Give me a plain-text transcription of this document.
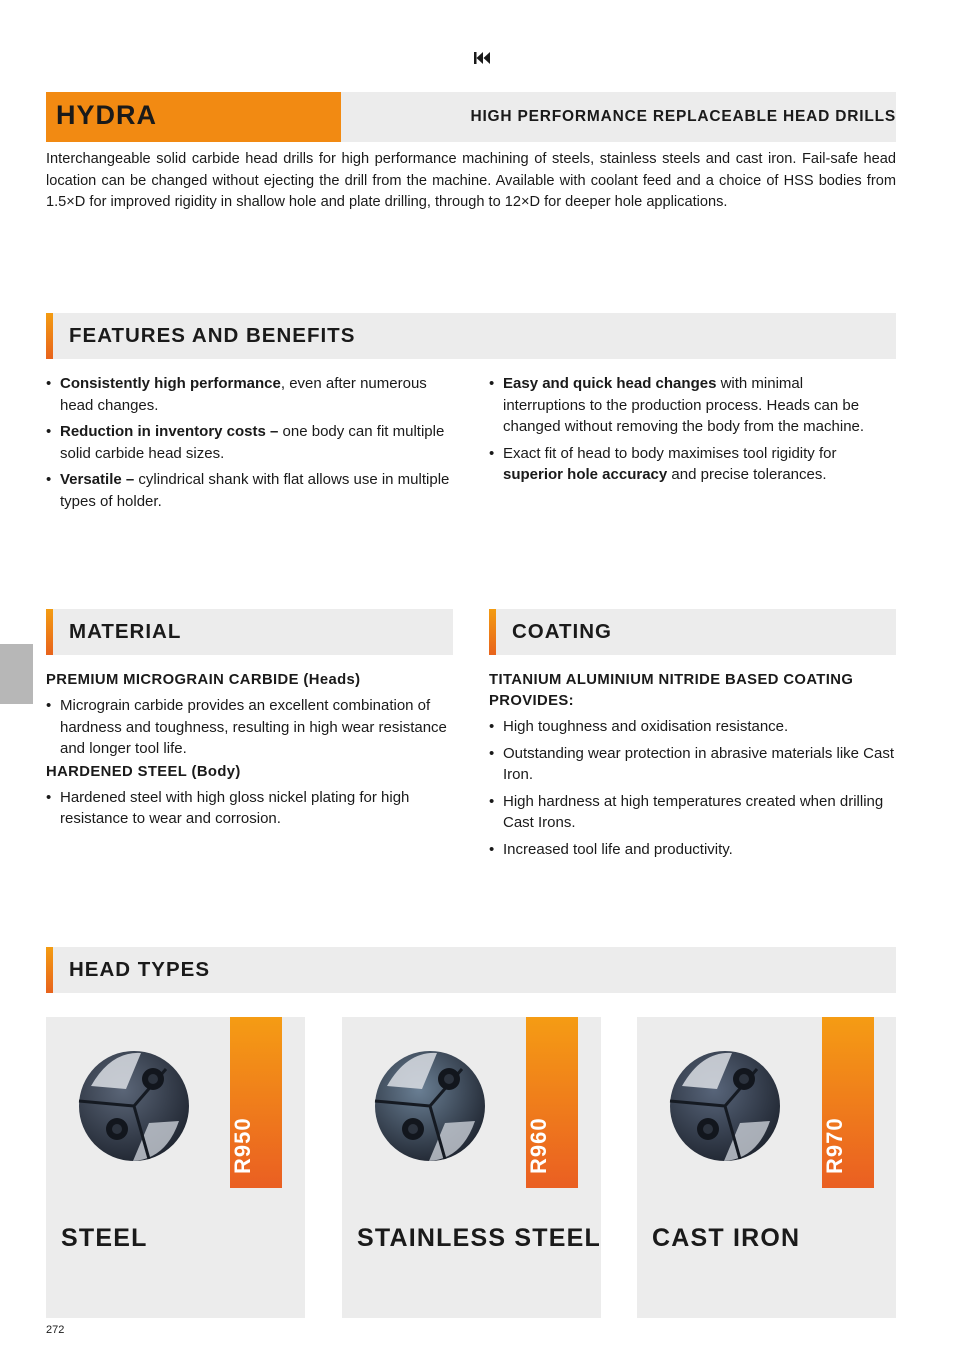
HYDRA	HIGH PERFORMANCE REPLACEABLE HEAD DRILLS
Interchangeable solid carbide head drills for high performance machining of steels, stainless steels and cast iron. Fail-safe head location can be changed without ejecting the drill from the machine. Available with coolant feed and a choice of HSS bodies from 1.5×D for improved rigidity in shallow hole and plate drilling, through to 12×D for deeper hole applications.
FEATURES AND BENEFITS
• Consistently high performance, even after numerous head changes.
• Reduction in inventory costs – one body can fit multiple solid carbide head sizes.
• Versatile – cylindrical shank with flat allows use in multiple types of holder.
• Easy and quick head changes with minimal interruptions to the production process. Heads can be changed without removing the body from the machine.
• Exact fit of head to body maximises tool rigidity for superior hole accuracy and precise tolerances.
MATERIAL
PREMIUM MICROGRAIN CARBIDE (Heads)
• Micrograin carbide provides an excellent combination of hardness and toughness, resulting in high wear resistance and longer tool life.
HARDENED STEEL (Body)
• Hardened steel with high gloss nickel plating for high resistance to wear and corrosion.
COATING
TITANIUM ALUMINIUM NITRIDE BASED COATING PROVIDES:
• High toughness and oxidisation resistance.
• Outstanding wear protection in abrasive materials like Cast Iron.
• High hardness at high temperatures created when drilling Cast Irons.
• Increased tool life and productivity.
HEAD TYPES
R950
STEEL
R960
STAINLESS STEEL
R970
CAST IRON
272
